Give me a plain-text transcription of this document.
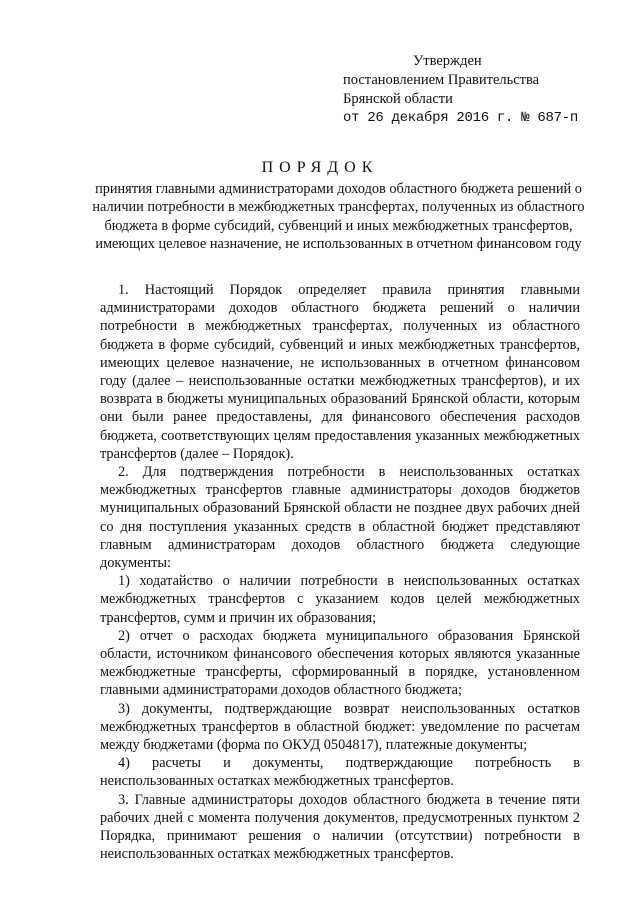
Утвержден
постановлением Правительства
Брянской области
от 26 декабря 2016 г. № 687-п
ПОРЯДОК
принятия главными администраторами доходов областного бюджета решений о наличии потребности в межбюджетных трансфертах, полученных из областного бюджета в форме субсидий, субвенций и иных межбюджетных трансфертов, имеющих целевое назначение, не использованных в отчетном финансовом году

1. Настоящий Порядок определяет правила принятия главными администраторами доходов областного бюджета решений о наличии потребности в межбюджетных трансфертах, полученных из областного бюджета в форме субсидий, субвенций и иных межбюджетных трансфертов, имеющих целевое назначение, не использованных в отчетном финансовом году (далее – неиспользованные остатки межбюджетных трансфертов), и их возврата в бюджеты муниципальных образований Брянской области, которым они были ранее предоставлены, для финансового обеспечения расходов бюджета, соответствующих целям предоставления указанных межбюджетных трансфертов (далее – Порядок).

2. Для подтверждения потребности в неиспользованных остатках межбюджетных трансфертов главные администраторы доходов бюджетов муниципальных образований Брянской области не позднее двух рабочих дней со дня поступления указанных средств в областной бюджет представляют главным администраторам доходов областного бюджета следующие документы:

1) ходатайство о наличии потребности в неиспользованных остатках межбюджетных трансфертов с указанием кодов целей межбюджетных трансфертов, сумм и причин их образования;

2) отчет о расходах бюджета муниципального образования Брянской области, источником финансового обеспечения которых являются указанные межбюджетные трансферты, сформированный в порядке, установленном главными администраторами доходов областного бюджета;

3) документы, подтверждающие возврат неиспользованных остатков межбюджетных трансфертов в областной бюджет: уведомление по расчетам между бюджетами (форма по ОКУД 0504817), платежные документы;

4) расчеты и документы, подтверждающие потребность в неиспользованных остатках межбюджетных трансфертов.

3. Главные администраторы доходов областного бюджета в течение пяти рабочих дней с момента получения документов, предусмотренных пунктом 2 Порядка, принимают решения о наличии (отсутствии) потребности в неиспользованных остатках межбюджетных трансфертов.
